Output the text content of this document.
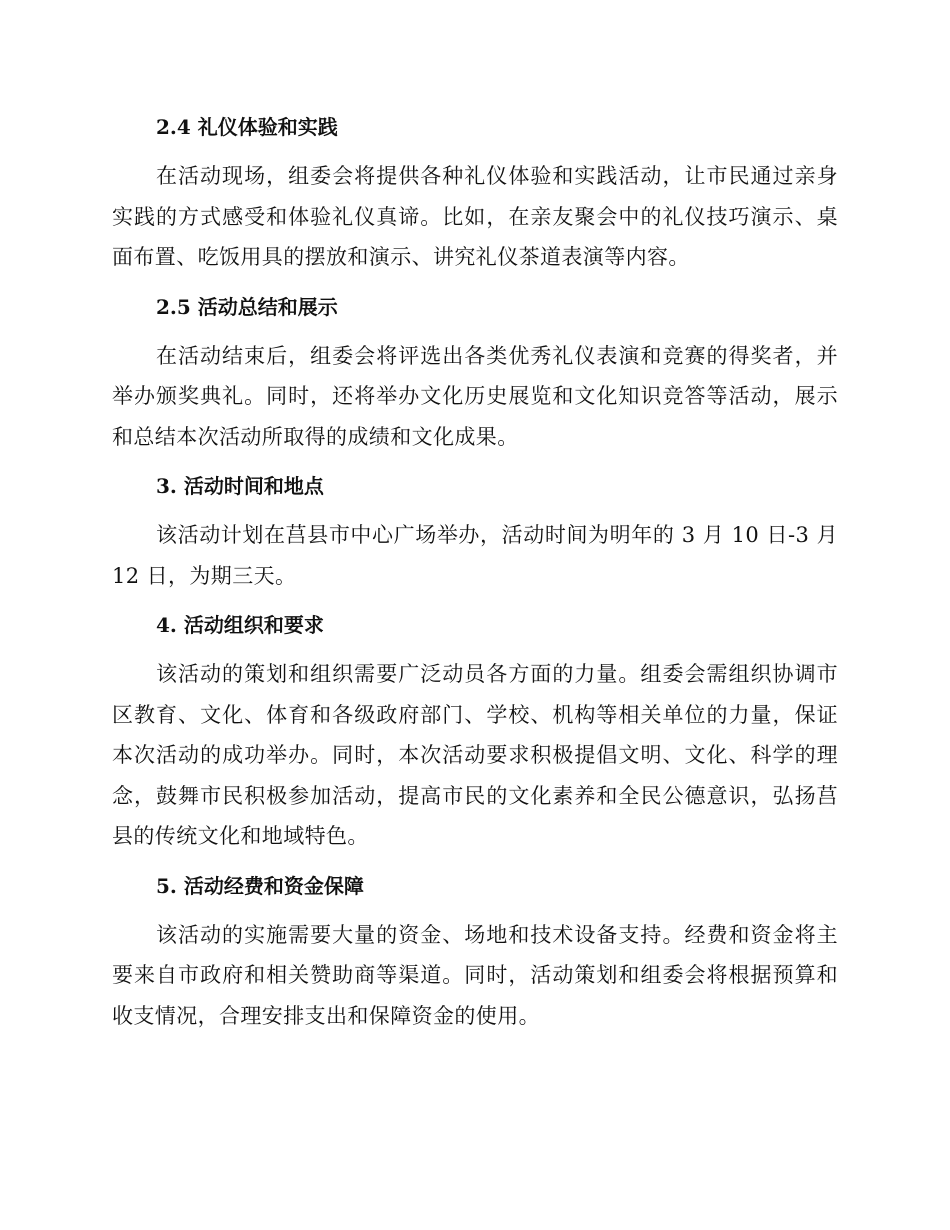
2.4 礼仪体验和实践

在活动现场，组委会将提供各种礼仪体验和实践活动，让市民通过亲身实践的方式感受和体验礼仪真谛。比如，在亲友聚会中的礼仪技巧演示、桌面布置、吃饭用具的摆放和演示、讲究礼仪茶道表演等内容。

2.5 活动总结和展示

在活动结束后，组委会将评选出各类优秀礼仪表演和竞赛的得奖者，并举办颁奖典礼。同时，还将举办文化历史展览和文化知识竞答等活动，展示和总结本次活动所取得的成绩和文化成果。

3. 活动时间和地点

该活动计划在莒县市中心广场举办，活动时间为明年的 3 月 10 日-3 月 12 日，为期三天。

4. 活动组织和要求

该活动的策划和组织需要广泛动员各方面的力量。组委会需组织协调市区教育、文化、体育和各级政府部门、学校、机构等相关单位的力量，保证本次活动的成功举办。同时，本次活动要求积极提倡文明、文化、科学的理念，鼓舞市民积极参加活动，提高市民的文化素养和全民公德意识，弘扬莒县的传统文化和地域特色。

5. 活动经费和资金保障

该活动的实施需要大量的资金、场地和技术设备支持。经费和资金将主要来自市政府和相关赞助商等渠道。同时，活动策划和组委会将根据预算和收支情况，合理安排支出和保障资金的使用。
